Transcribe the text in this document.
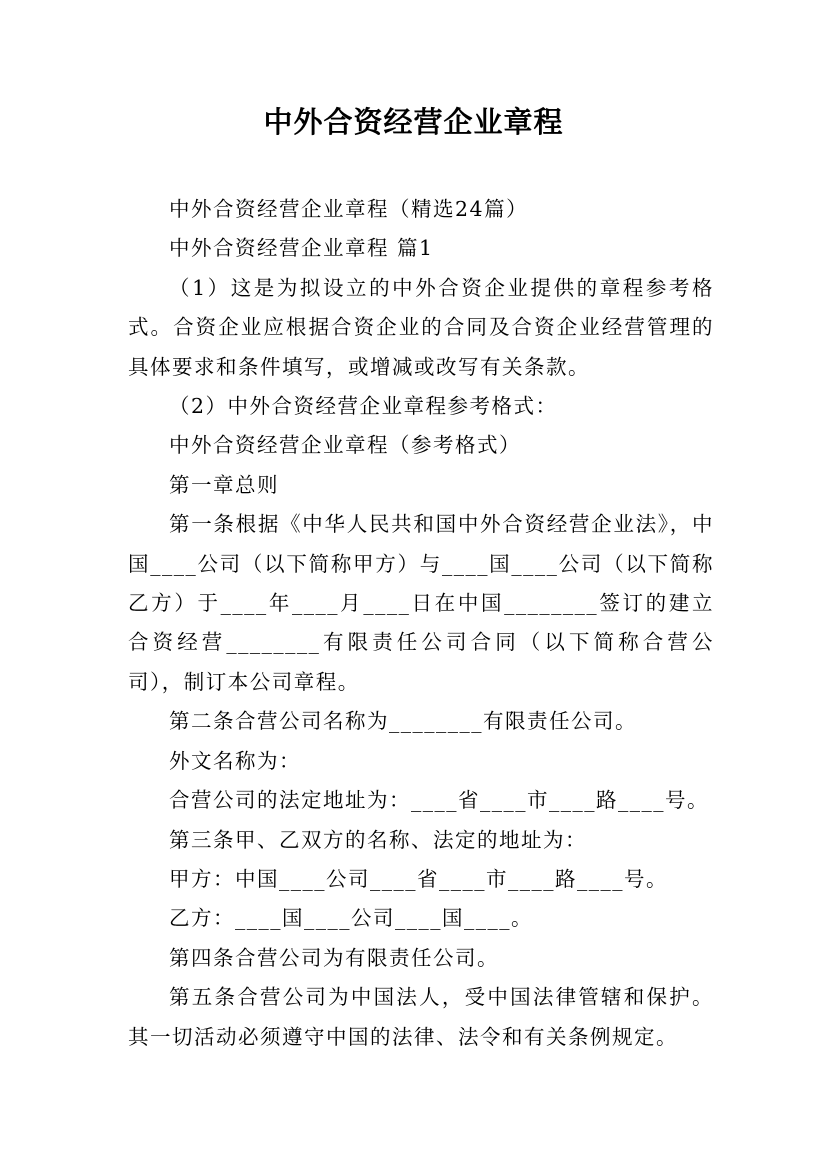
中外合资经营企业章程

中外合资经营企业章程（精选24篇）

中外合资经营企业章程 篇1

（1）这是为拟设立的中外合资企业提供的章程参考格式。合资企业应根据合资企业的合同及合资企业经营管理的具体要求和条件填写，或增减或改写有关条款。

（2）中外合资经营企业章程参考格式：

中外合资经营企业章程（参考格式）

第一章总则

第一条根据《中华人民共和国中外合资经营企业法》，中国____公司（以下简称甲方）与____国____公司（以下简称乙方）于____年____月____日在中国________签订的建立合资经营________有限责任公司合同（以下简称合营公司），制订本公司章程。

第二条合营公司名称为________有限责任公司。

外文名称为：

合营公司的法定地址为：____省____市____路____号。

第三条甲、乙双方的名称、法定的地址为：

甲方：中国____公司____省____市____路____号。

乙方：____国____公司____国____。

第四条合营公司为有限责任公司。

第五条合营公司为中国法人，受中国法律管辖和保护。其一切活动必须遵守中国的法律、法令和有关条例规定。
